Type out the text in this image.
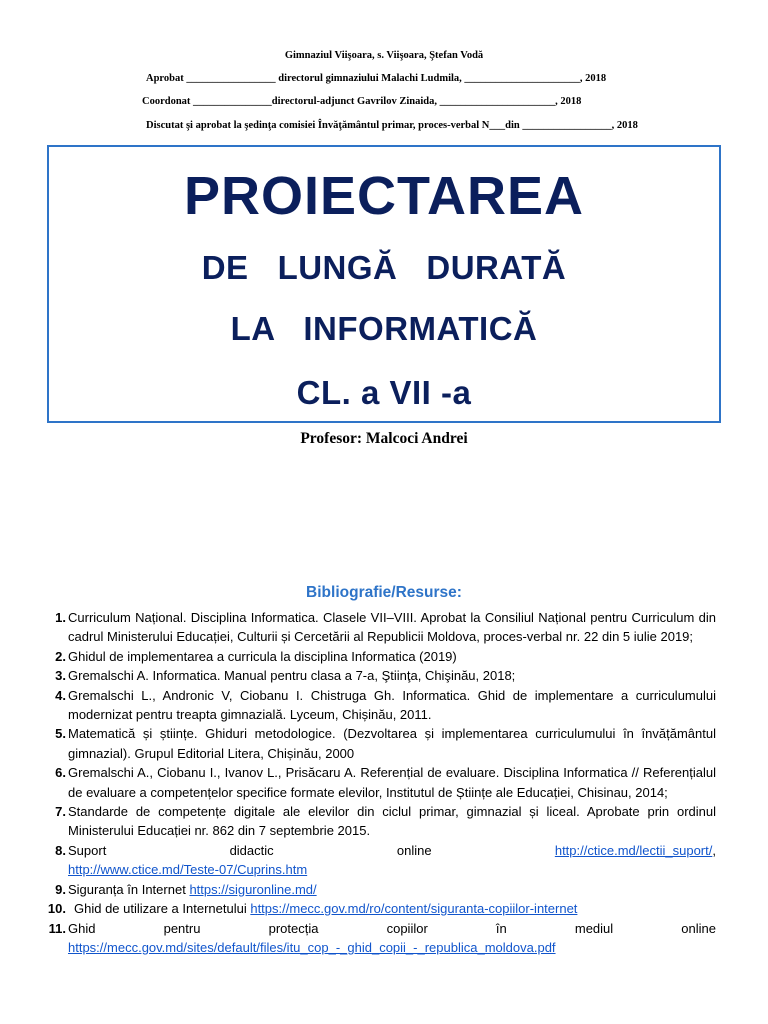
Gimnaziul Viişoara, s. Viişoara, Ştefan Vodă
Aprobat _________________ directorul gimnaziului Malachi Ludmila, ______________________, 2018
Coordonat _______________directorul-adjunct Gavrilov Zinaida, ______________________, 2018
Discutat şi aprobat la şedinţa comisiei Învăţământul primar, proces-verbal N___din _________________, 2018
PROIECTAREA
DE   LUNGĂ   DURATĂ
LA   INFORMATICĂ
CL. a VII -a
Profesor: Malcoci Andrei
Bibliografie/Resurse:
1. Curriculum Național. Disciplina Informatica. Clasele VII–VIII. Aprobat la Consiliul Național pentru Curriculum din cadrul Ministerului Educației, Culturii și Cercetării al Republicii Moldova, proces-verbal nr. 22 din 5 iulie 2019;
2. Ghidul de implementarea a curricula la disciplina Informatica (2019)
3. Gremalschi A. Informatica. Manual pentru clasa a 7-a, Ştiinţa, Chişinău, 2018;
4. Gremalschi L., Andronic V, Ciobanu I. Chistruga Gh. Informatica. Ghid de implementare a curriculumului modernizat pentru treapta gimnazială. Lyceum, Chișinău, 2011.
5. Matematică și științe. Ghiduri metodologice. (Dezvoltarea și implementarea curriculumului în învățământul gimnazial). Grupul Editorial Litera, Chișinău, 2000
6. Gremalschi A., Ciobanu I., Ivanov L., Prisăcaru A. Referențial de evaluare. Disciplina Informatica // Referențialul de evaluare a competențelor specifice formate elevilor, Institutul de Științe ale Educației, Chisinau, 2014;
7. Standarde de competențe digitale ale elevilor din ciclul primar, gimnazial și liceal. Aprobate prin ordinul Ministerului Educației nr. 862 din 7 septembrie 2015.
8. Suport	didactic	online	http://ctice.md/lectii_suport/,
http://www.ctice.md/Teste-07/Cuprins.htm
9. Siguranța în Internet https://siguronline.md/
10. Ghid de utilizare a Internetului https://mecc.gov.md/ro/content/siguranta-copiilor-internet
11. Ghid	pentru	protecția	copiilor	în	mediul	online
https://mecc.gov.md/sites/default/files/itu_cop_-_ghid_copii_-_republica_moldova.pdf
